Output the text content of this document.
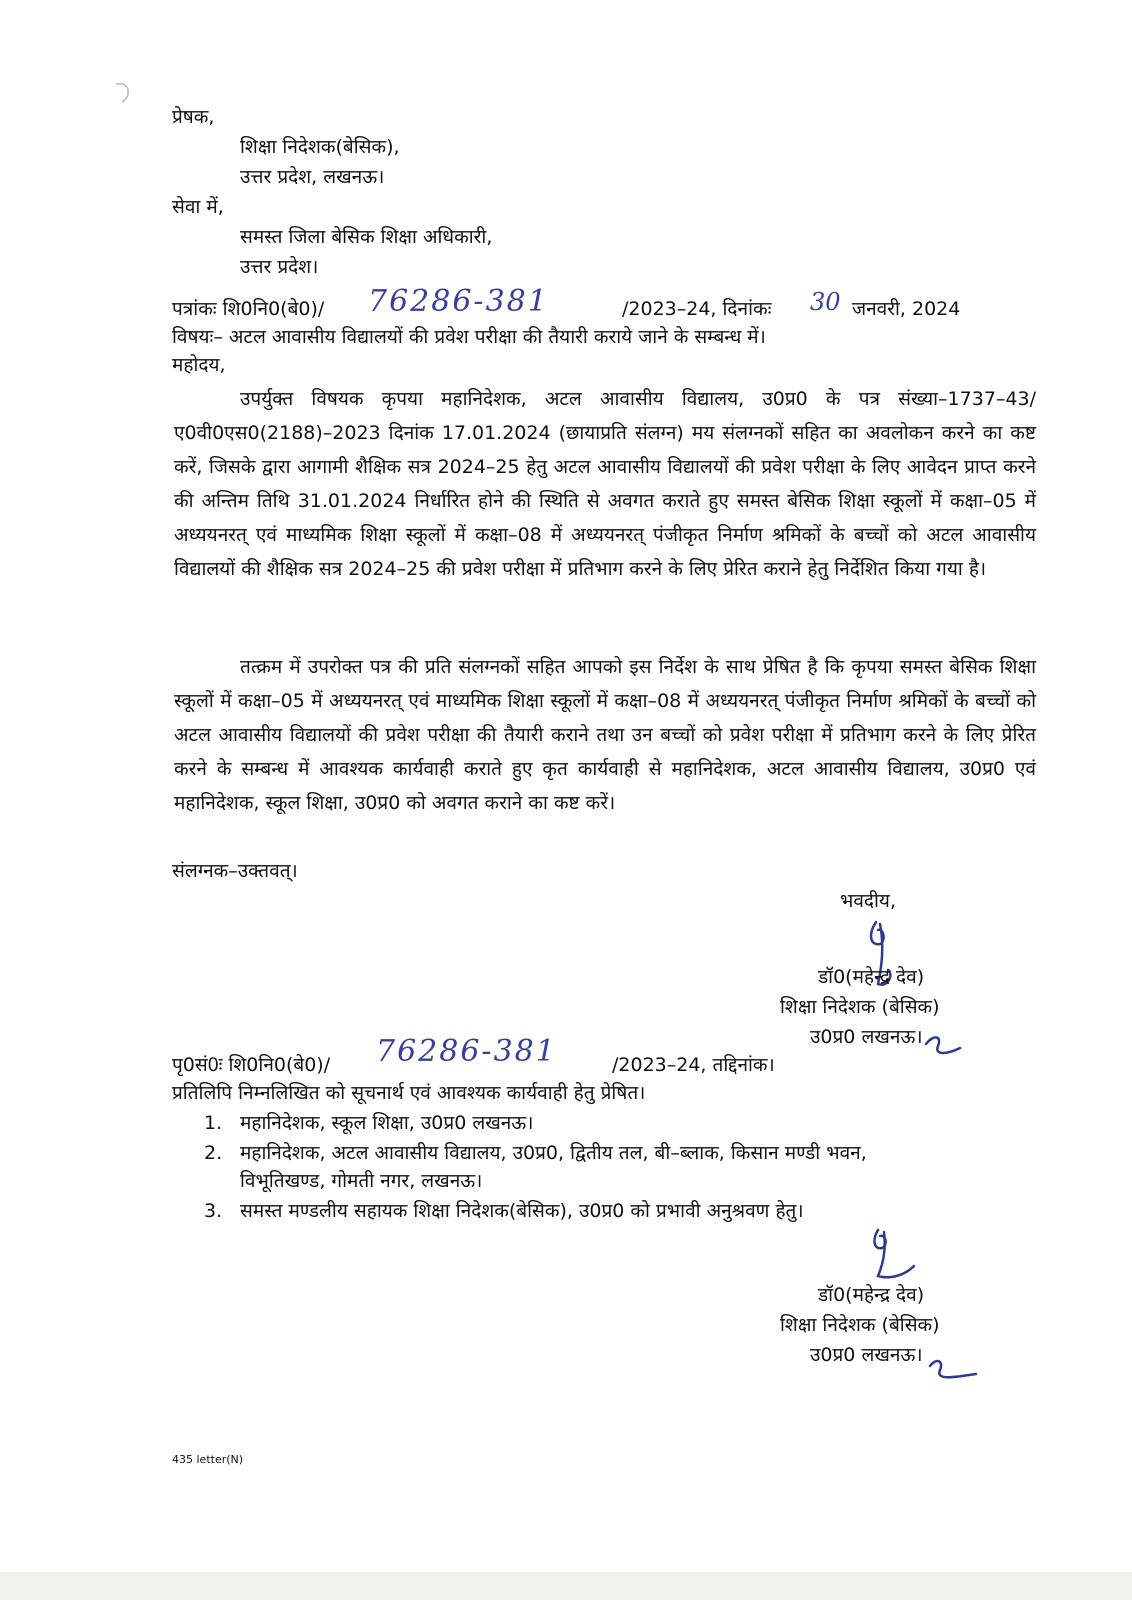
प्रेषक,
शिक्षा निदेशक(बेसिक),
उत्तर प्रदेश, लखनऊ।
सेवा में,
समस्त जिला बेसिक शिक्षा अधिकारी,
उत्तर प्रदेश।
पत्रांकः शि0नि0(बे0)/ 76286-381	/2023–24, दिनांकः 30 जनवरी, 2024
विषयः– अटल आवासीय विद्यालयों की प्रवेश परीक्षा की तैयारी कराये जाने के सम्बन्ध में।
महोदय,
उपर्युक्त विषयक कृपया महानिदेशक, अटल आवासीय विद्यालय, उ0प्र0 के पत्र संख्या–1737–43/ए0वी0एस0(2188)–2023 दिनांक 17.01.2024 (छायाप्रति संलग्न) मय संलग्नकों सहित का अवलोकन करने का कष्ट करें, जिसके द्वारा आगामी शैक्षिक सत्र 2024–25 हेतु अटल आवासीय विद्यालयों की प्रवेश परीक्षा के लिए आवेदन प्राप्त करने की अन्तिम तिथि 31.01.2024 निर्धारित होने की स्थिति से अवगत कराते हुए समस्त बेसिक शिक्षा स्कूलों में कक्षा–05 में अध्ययनरत् एवं माध्यमिक शिक्षा स्कूलों में कक्षा–08 में अध्ययनरत् पंजीकृत निर्माण श्रमिकों के बच्चों को अटल आवासीय विद्यालयों की शैक्षिक सत्र 2024–25 की प्रवेश परीक्षा में प्रतिभाग करने के लिए प्रेरित कराने हेतु निर्देशित किया गया है।
तत्क्रम में उपरोक्त पत्र की प्रति संलग्नकों सहित आपको इस निर्देश के साथ प्रेषित है कि कृपया समस्त बेसिक शिक्षा स्कूलों में कक्षा–05 में अध्ययनरत् एवं माध्यमिक शिक्षा स्कूलों में कक्षा–08 में अध्ययनरत् पंजीकृत निर्माण श्रमिकों के बच्चों को अटल आवासीय विद्यालयों की प्रवेश परीक्षा की तैयारी कराने तथा उन बच्चों को प्रवेश परीक्षा में प्रतिभाग करने के लिए प्रेरित करने के सम्बन्ध में आवश्यक कार्यवाही कराते हुए कृत कार्यवाही से महानिदेशक, अटल आवासीय विद्यालय, उ0प्र0 एवं महानिदेशक, स्कूल शिक्षा, उ0प्र0 को अवगत कराने का कष्ट करें।
संलग्नक–उक्तवत्।
भवदीय,
डॉ0(महेन्द्र देव)
शिक्षा निदेशक (बेसिक)
उ0प्र0 लखनऊ।
पृ0सं0ः शि0नि0(बे0)/ 76286-381	/2023–24, तद्दिनांक।
प्रतिलिपि निम्नलिखित को सूचनार्थ एवं आवश्यक कार्यवाही हेतु प्रेषित।
1. महानिदेशक, स्कूल शिक्षा, उ0प्र0 लखनऊ।
2. महानिदेशक, अटल आवासीय विद्यालय, उ0प्र0, द्वितीय तल, बी–ब्लाक, किसान मण्डी भवन,
विभूतिखण्ड, गोमती नगर, लखनऊ।
3. समस्त मण्डलीय सहायक शिक्षा निदेशक(बेसिक), उ0प्र0 को प्रभावी अनुश्रवण हेतु।
डॉ0(महेन्द्र देव)
शिक्षा निदेशक (बेसिक)
उ0प्र0 लखनऊ।
435 letter(N)
